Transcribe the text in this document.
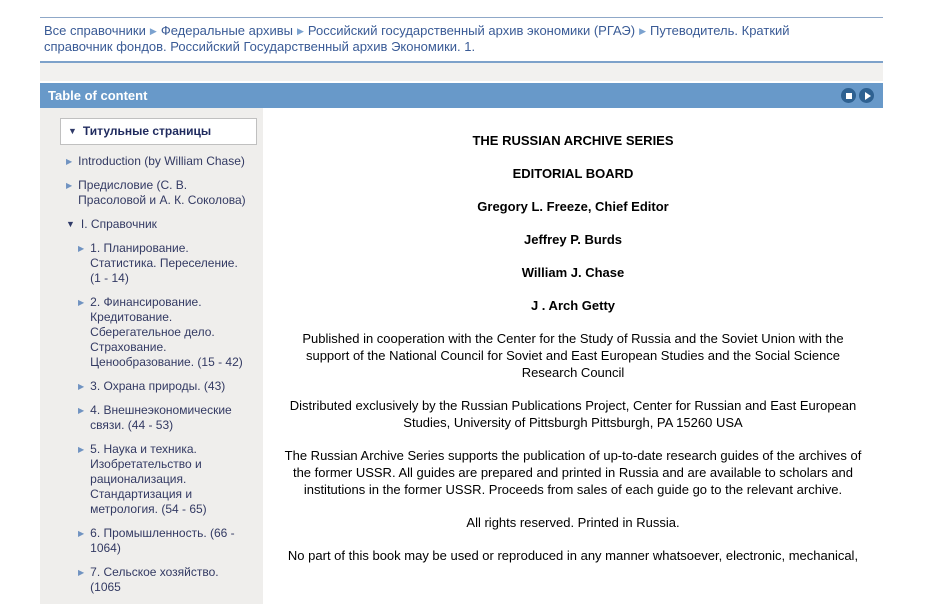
Все справочники ▶ Федеральные архивы ▶ Российский государственный архив экономики (РГАЭ) ▶ Путеводитель. Краткий справочник фондов. Российский Государственный архив Экономики. 1.
Table of content
▼ Титульные страницы
▶ Introduction (by William Chase)
▶ Предисловие (С. В. Прасоловой и А. К. Соколова)
▼ I. Справочник
▶ 1. Планирование. Статистика. Переселение. (1 - 14)
▶ 2. Финансирование. Кредитование. Сберегательное дело. Страхование. Ценообразование. (15 - 42)
▶ 3. Охрана природы. (43)
▶ 4. Внешнеэкономические связи. (44 - 53)
▶ 5. Наука и техника. Изобретательство и рационализация. Стандартизация и метрология. (54 - 65)
▶ 6. Промышленность. (66 - 1064)
▶ 7. Сельское хозяйство. (1065

THE RUSSIAN ARCHIVE SERIES

EDITORIAL BOARD

Gregory L. Freeze, Chief Editor

Jeffrey P. Burds

William J. Chase

J . Arch Getty

Published in cooperation with the Center for the Study of Russia and the Soviet Union with the support of the National Council for Soviet and East European Studies and the Social Science Research Council

Distributed exclusively by the Russian Publications Project, Center for Russian and East European Studies, University of Pittsburgh Pittsburgh, PA 15260 USA

The Russian Archive Series supports the publication of up-to-date research guides of the archives of the former USSR. All guides are prepared and printed in Russia and are available to scholars and institutions in the former USSR. Proceeds from sales of each guide go to the relevant archive.

All rights reserved. Printed in Russia.

No part of this book may be used or reproduced in any manner whatsoever, electronic, mechanical,
